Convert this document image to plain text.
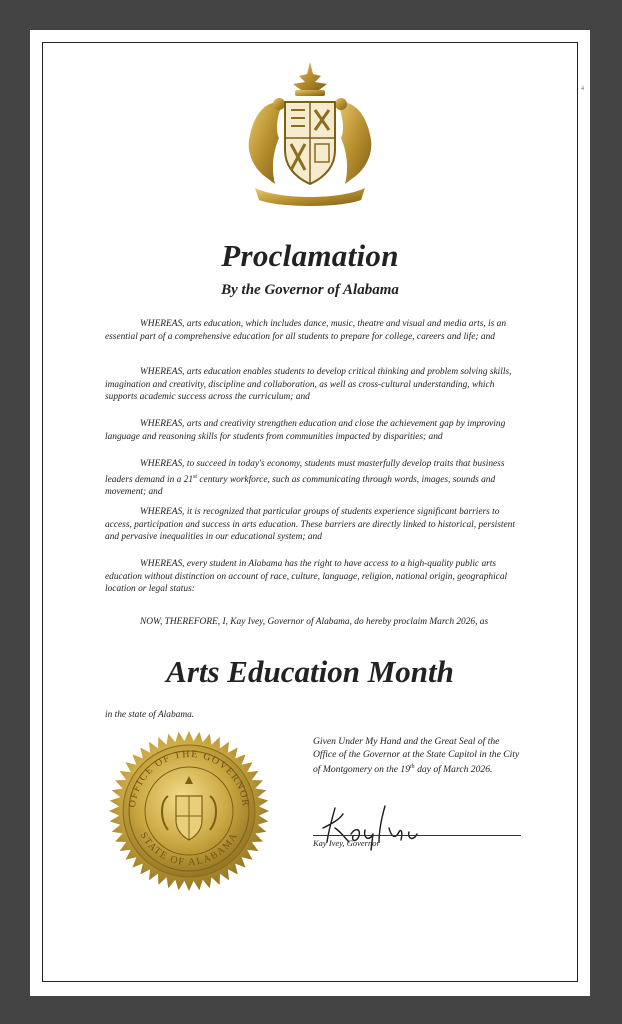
4
Proclamation
By the Governor of Alabama

WHEREAS, arts education, which includes dance, music, theatre and visual and media arts, is an essential part of a comprehensive education for all students to prepare for college, careers and life; and

WHEREAS, arts education enables students to develop critical thinking and problem solving skills, imagination and creativity, discipline and collaboration, as well as cross-cultural understanding, which supports academic success across the curriculum; and

WHEREAS, arts and creativity strengthen education and close the achievement gap by improving language and reasoning skills for students from communities impacted by disparities; and

WHEREAS, to succeed in today's economy, students must masterfully develop traits that business leaders demand in a 21st century workforce, such as communicating through words, images, sounds and movement; and

WHEREAS, it is recognized that particular groups of students experience significant barriers to access, participation and success in arts education. These barriers are directly linked to historical, persistent and pervasive inequalities in our educational system; and

WHEREAS, every student in Alabama has the right to have access to a high-quality public arts education without distinction on account of race, culture, language, religion, national origin, geographical location or legal status:

NOW, THEREFORE, I, Kay Ivey, Governor of Alabama, do hereby proclaim March 2026, as

Arts Education Month
in the state of Alabama.
OFFICE OF THE GOVERNOR
STATE OF ALABAMA
Given Under My Hand and the Great Seal of the Office of the Governor at the State Capitol in the City of Montgomery on the 19th day of March 2026.
Kay Ivey, Governor
